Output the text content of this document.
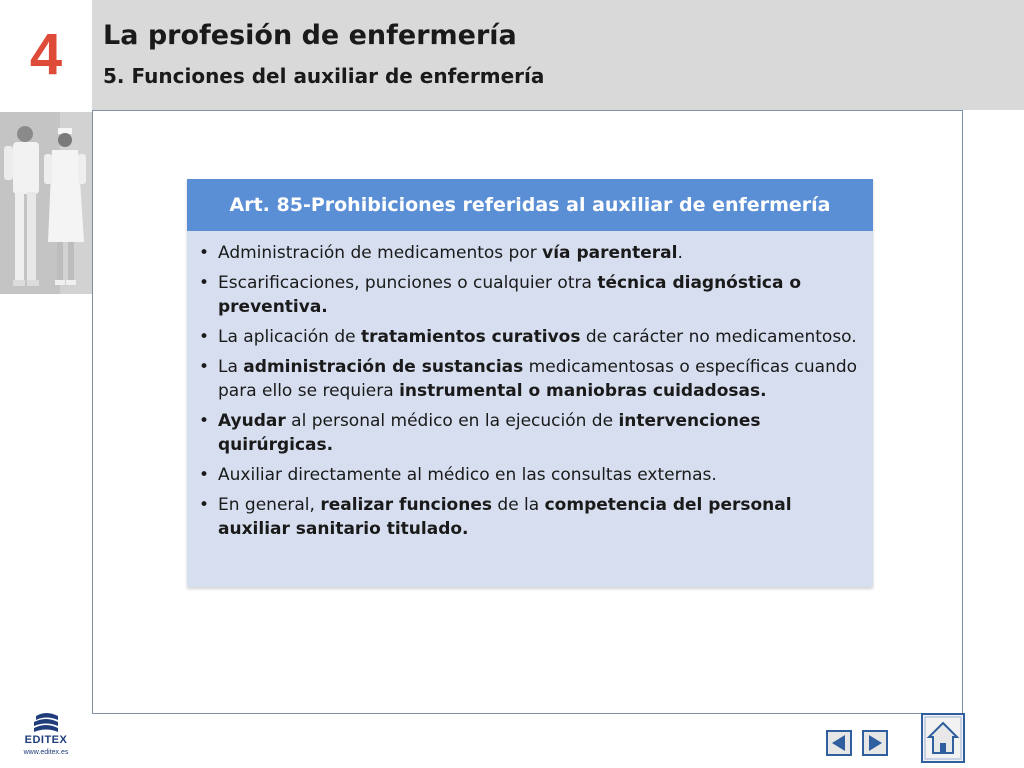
4 La profesión de enfermería
5. Funciones del auxiliar de enfermería
Art. 85-Prohibiciones referidas al auxiliar de enfermería
• Administración de medicamentos por vía parenteral.
• Escarificaciones, punciones o cualquier otra técnica diagnóstica o preventiva.
• La aplicación de tratamientos curativos de carácter no medicamentoso.
• La administración de sustancias medicamentosas o específicas cuando para ello se requiera instrumental o maniobras cuidadosas.
• Ayudar al personal médico en la ejecución de intervenciones quirúrgicas.
• Auxiliar directamente al médico en las consultas externas.
• En general, realizar funciones de la competencia del personal auxiliar sanitario titulado.
EDITEX
www.editex.es
